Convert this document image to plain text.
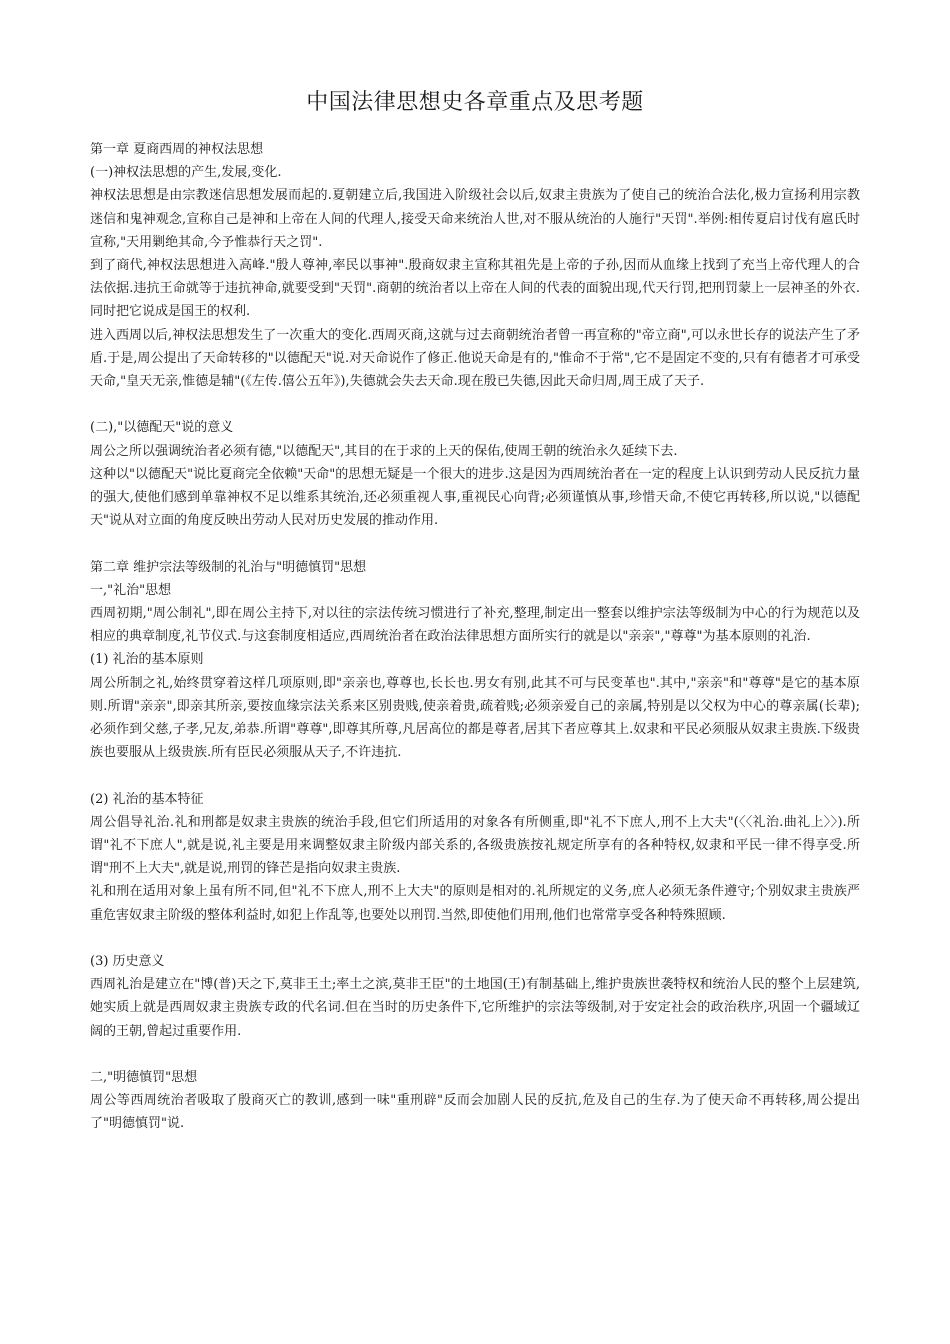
中国法律思想史各章重点及思考题

第一章 夏商西周的神权法思想

(一)神权法思想的产生,发展,变化.

神权法思想是由宗教迷信思想发展而起的.夏朝建立后,我国进入阶级社会以后,奴隶主贵族为了使自己的统治合法化,极力宣扬利用宗教迷信和鬼神观念,宣称自己是神和上帝在人间的代理人,接受天命来统治人世,对不服从统治的人施行"天罚".举例:相传夏启讨伐有扈氏时宣称,"天用剿绝其命,今予惟恭行天之罚".

到了商代,神权法思想进入高峰."殷人尊神,率民以事神".殷商奴隶主宣称其祖先是上帝的子孙,因而从血缘上找到了充当上帝代理人的合法依据.违抗王命就等于违抗神命,就要受到"天罚".商朝的统治者以上帝在人间的代表的面貌出现,代天行罚,把刑罚蒙上一层神圣的外衣.同时把它说成是国王的权利.

进入西周以后,神权法思想发生了一次重大的变化.西周灭商,这就与过去商朝统治者曾一再宣称的"帝立商",可以永世长存的说法产生了矛盾.于是,周公提出了天命转移的"以德配天"说.对天命说作了修正.他说天命是有的,"惟命不于常",它不是固定不变的,只有有德者才可承受天命,"皇天无亲,惟德是辅"(《左传.僖公五年》),失德就会失去天命.现在殷已失德,因此天命归周,周王成了天子.

(二),"以德配天"说的意义

周公之所以强调统治者必须有德,"以德配天",其目的在于求的上天的保佑,使周王朝的统治永久延续下去.

这种以"以德配天"说比夏商完全依赖"天命"的思想无疑是一个很大的进步.这是因为西周统治者在一定的程度上认识到劳动人民反抗力量的强大,使他们感到单靠神权不足以维系其统治,还必须重视人事,重视民心向背;必须谨慎从事,珍惜天命,不使它再转移,所以说,"以德配天"说从对立面的角度反映出劳动人民对历史发展的推动作用.

第二章 维护宗法等级制的礼治与"明德慎罚"思想

一,"礼治"思想

西周初期,"周公制礼",即在周公主持下,对以往的宗法传统习惯进行了补充,整理,制定出一整套以维护宗法等级制为中心的行为规范以及相应的典章制度,礼节仪式.与这套制度相适应,西周统治者在政治法律思想方面所实行的就是以"亲亲","尊尊"为基本原则的礼治.

(1) 礼治的基本原则

周公所制之礼,始终贯穿着这样几项原则,即"亲亲也,尊尊也,长长也.男女有别,此其不可与民变革也".其中,"亲亲"和"尊尊"是它的基本原则.所谓"亲亲",即亲其所亲,要按血缘宗法关系来区别贵贱,使亲着贵,疏着贱;必须亲爱自己的亲属,特别是以父权为中心的尊亲属(长辈);必须作到父慈,子孝,兄友,弟恭.所谓"尊尊",即尊其所尊,凡居高位的都是尊者,居其下者应尊其上.奴隶和平民必须服从奴隶主贵族.下级贵族也要服从上级贵族.所有臣民必须服从天子,不许违抗.

(2) 礼治的基本特征

周公倡导礼治.礼和刑都是奴隶主贵族的统治手段,但它们所适用的对象各有所侧重,即"礼不下庶人,刑不上大夫"(〈〈礼治.曲礼上〉〉).所谓"礼不下庶人",就是说,礼主要是用来调整奴隶主阶级内部关系的,各级贵族按礼规定所享有的各种特权,奴隶和平民一律不得享受.所谓"刑不上大夫",就是说,刑罚的锋芒是指向奴隶主贵族.

礼和刑在适用对象上虽有所不同,但"礼不下庶人,刑不上大夫"的原则是相对的.礼所规定的义务,庶人必须无条件遵守;个别奴隶主贵族严重危害奴隶主阶级的整体利益时,如犯上作乱等,也要处以刑罚.当然,即使他们用刑,他们也常常享受各种特殊照顾.

(3) 历史意义

西周礼治是建立在"博(普)天之下,莫非王土;率土之滨,莫非王臣"的土地国(王)有制基础上,维护贵族世袭特权和统治人民的整个上层建筑,她实质上就是西周奴隶主贵族专政的代名词.但在当时的历史条件下,它所维护的宗法等级制,对于安定社会的政治秩序,巩固一个疆域辽阔的王朝,曾起过重要作用.

二,"明德慎罚"思想

周公等西周统治者吸取了殷商灭亡的教训,感到一味"重刑辟"反而会加剧人民的反抗,危及自己的生存.为了使天命不再转移,周公提出了"明德慎罚"说.
